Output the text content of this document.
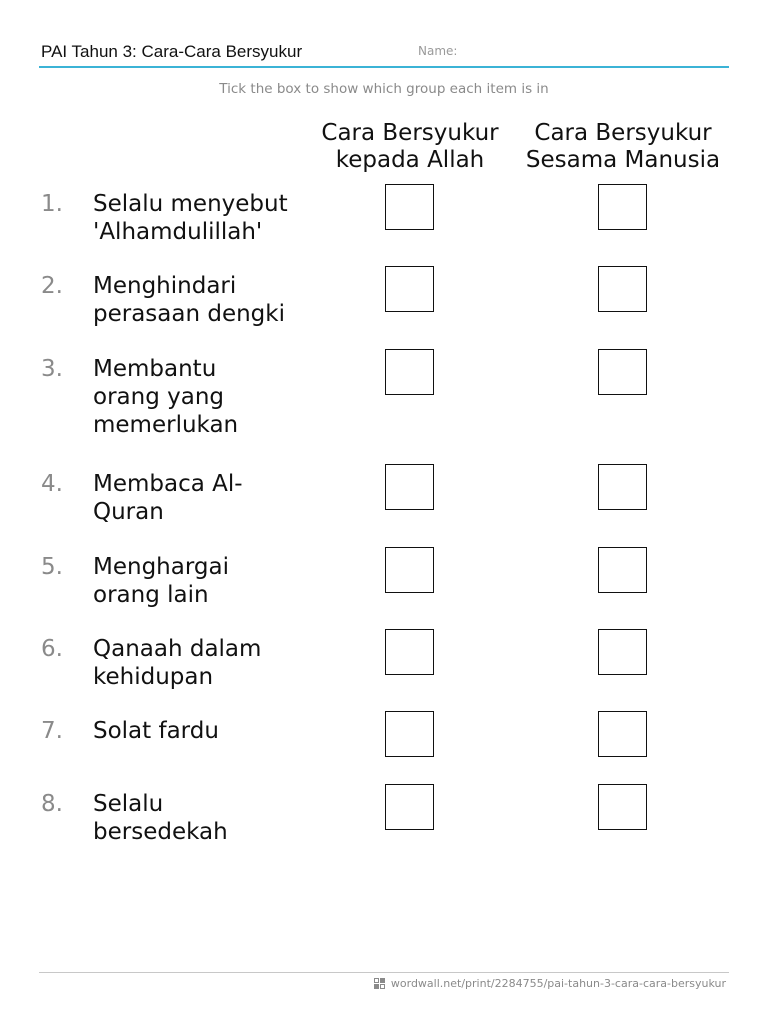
PAI Tahun 3: Cara-Cara Bersyukur	Name:
Tick the box to show which group each item is in
Cara Bersyukur
kepada Allah
Cara Bersyukur
Sesama Manusia
1. Selalu menyebut
'Alhamdulillah'
2. Menghindari
perasaan dengki
3. Membantu
orang yang
memerlukan
4. Membaca Al-
Quran
5. Menghargai
orang lain
6. Qanaah dalam
kehidupan
7. Solat fardu
8. Selalu
bersedekah
wordwall.net/print/2284755/pai-tahun-3-cara-cara-bersyukur
